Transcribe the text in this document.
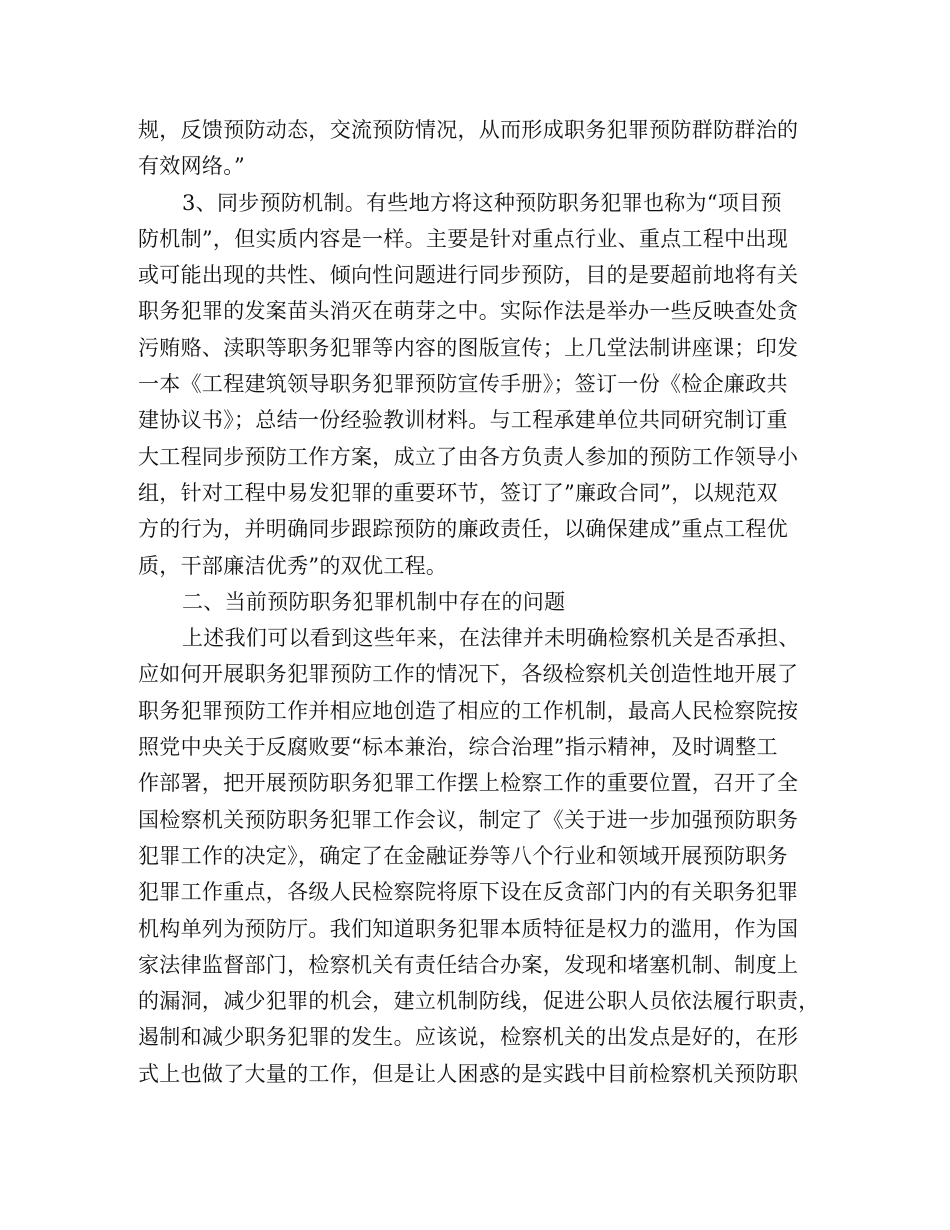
规，反馈预防动态，交流预防情况，从而形成职务犯罪预防群防群治的
有效网络。”
3、同步预防机制。有些地方将这种预防职务犯罪也称为“项目预
防机制”，但实质内容是一样。主要是针对重点行业、重点工程中出现
或可能出现的共性、倾向性问题进行同步预防，目的是要超前地将有关
职务犯罪的发案苗头消灭在萌芽之中。实际作法是举办一些反映查处贪
污贿赂、渎职等职务犯罪等内容的图版宣传；上几堂法制讲座课；印发
一本《工程建筑领导职务犯罪预防宣传手册》；签订一份《检企廉政共
建协议书》；总结一份经验教训材料。与工程承建单位共同研究制订重
大工程同步预防工作方案，成立了由各方负责人参加的预防工作领导小
组，针对工程中易发犯罪的重要环节，签订了”廉政合同”，以规范双
方的行为，并明确同步跟踪预防的廉政责任，以确保建成”重点工程优
质，干部廉洁优秀”的双优工程。
二、当前预防职务犯罪机制中存在的问题
上述我们可以看到这些年来，在法律并未明确检察机关是否承担、
应如何开展职务犯罪预防工作的情况下，各级检察机关创造性地开展了
职务犯罪预防工作并相应地创造了相应的工作机制，最高人民检察院按
照党中央关于反腐败要“标本兼治，综合治理”指示精神，及时调整工
作部署，把开展预防职务犯罪工作摆上检察工作的重要位置，召开了全
国检察机关预防职务犯罪工作会议，制定了《关于进一步加强预防职务
犯罪工作的决定》，确定了在金融证券等八个行业和领域开展预防职务
犯罪工作重点，各级人民检察院将原下设在反贪部门内的有关职务犯罪
机构单列为预防厅。我们知道职务犯罪本质特征是权力的滥用，作为国
家法律监督部门，检察机关有责任结合办案，发现和堵塞机制、制度上
的漏洞，减少犯罪的机会，建立机制防线，促进公职人员依法履行职责，
遏制和减少职务犯罪的发生。应该说，检察机关的出发点是好的，在形
式上也做了大量的工作，但是让人困惑的是实践中目前检察机关预防职
